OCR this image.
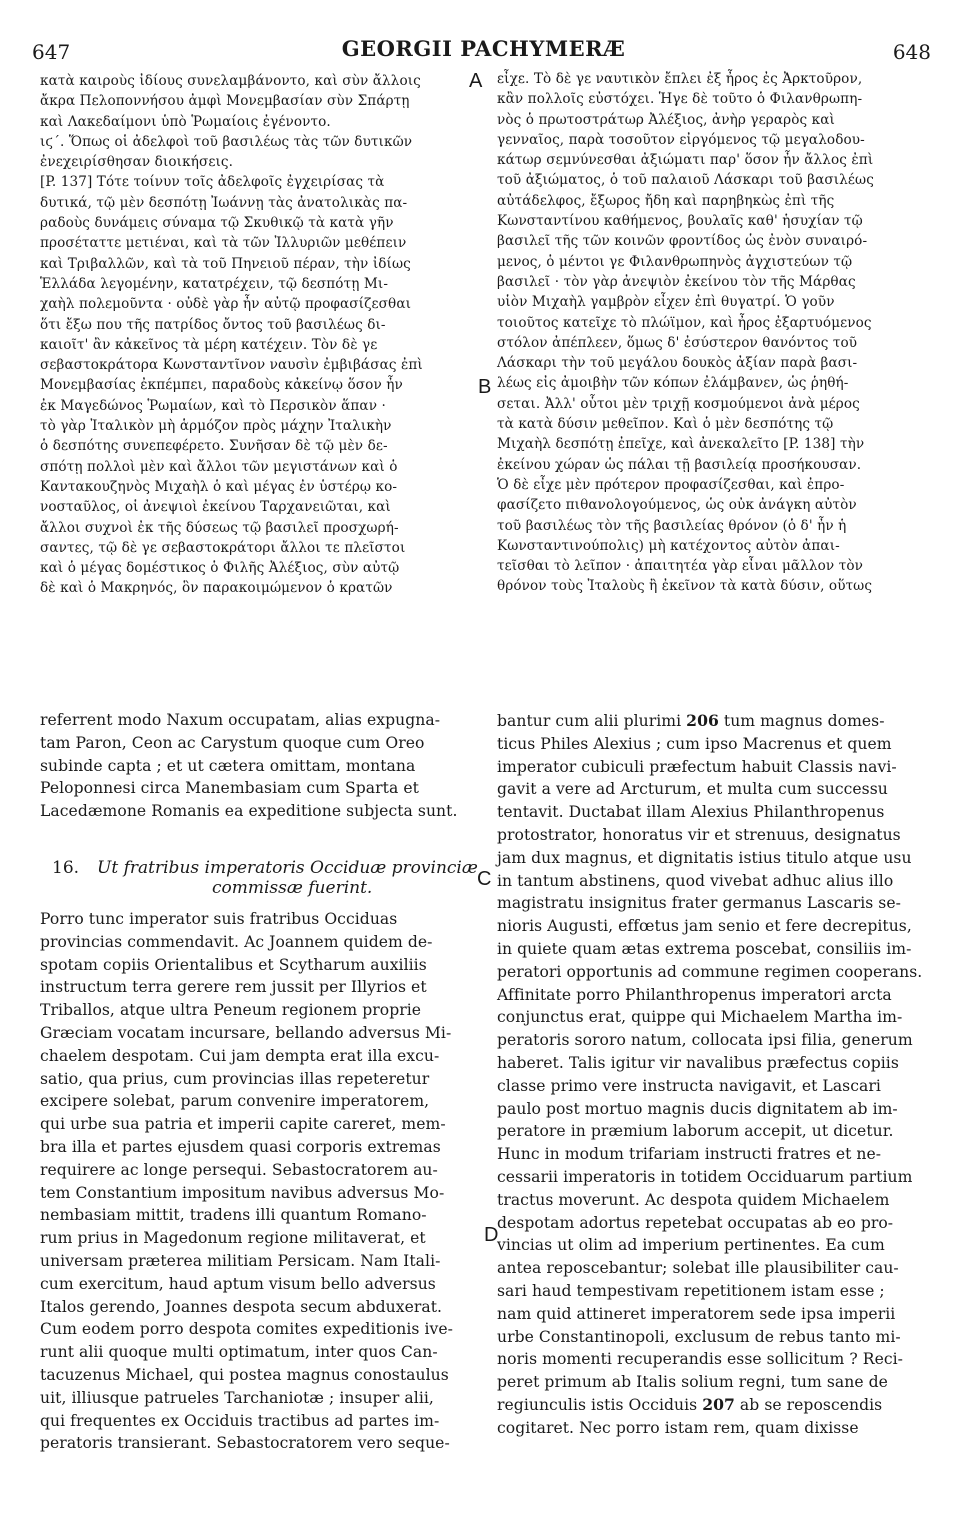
647	GEORGII PACHYMERÆ	648
κατὰ καιροὺς ἰδίους συνελαμβάνοντο, καὶ σὺν ἄλλοις
ἄκρα Πελοποννήσου ἀμφὶ Μονεμβασίαν σὺν Σπάρτῃ
καὶ Λακεδαίμονι ὑπὸ Ῥωμαίοις ἐγένοντο.
ιϛ΄. Ὅπως οἱ ἀδελφοὶ τοῦ βασιλέως τὰς τῶν δυτικῶν
ἐνεχειρίσθησαν διοικήσεις.
[P. 137] Τότε τοίνυν τοῖς ἀδελφοῖς ἐγχειρίσας τὰ
δυτικά, τῷ μὲν δεσπότῃ Ἰωάννῃ τὰς ἀνατολικὰς πα-
ραδοὺς δυνάμεις σύναμα τῷ Σκυθικῷ τὰ κατὰ γῆν
προσέταττε μετιέναι, καὶ τὰ τῶν Ἰλλυριῶν μεθέπειν
καὶ Τριβαλλῶν, καὶ τὰ τοῦ Πηνειοῦ πέραν, τὴν ἰδίως
Ἑλλάδα λεγομένην, κατατρέχειν, τῷ δεσπότῃ Μι-
χαὴλ πολεμοῦντα · οὐδὲ γὰρ ἦν αὐτῷ προφασίζεσθαι
ὅτι ἔξω που τῆς πατρίδος ὄντος τοῦ βασιλέως δι-
καιοῖτ' ἂν κἀκεῖνος τὰ μέρη κατέχειν. Τὸν δὲ γε
σεβαστοκράτορα Κωνσταντῖνον ναυσὶν ἐμβιβάσας ἐπὶ
Μονεμβασίας ἐκπέμπει, παραδοὺς κἀκείνῳ ὅσον ἦν
ἐκ Μαγεδώνος Ῥωμαίων, καὶ τὸ Περσικὸν ἅπαν ·
τὸ γὰρ Ἰταλικὸν μὴ ἁρμόζον πρὸς μάχην Ἰταλικὴν
ὁ δεσπότης συνεπεφέρετο. Συνῆσαν δὲ τῷ μὲν δε-
σπότῃ πολλοὶ μὲν καὶ ἄλλοι τῶν μεγιστάνων καὶ ὁ
Καντακουζηνὸς Μιχαὴλ ὁ καὶ μέγας ἐν ὑστέρῳ κο-
νοσταῦλος, οἱ ἀνεψιοὶ ἐκείνου Ταρχανειῶται, καὶ
ἄλλοι συχνοὶ ἐκ τῆς δύσεως τῷ βασιλεῖ προσχωρή-
σαντες, τῷ δὲ γε σεβαστοκράτορι ἄλλοι τε πλεῖστοι
καὶ ὁ μέγας δομέστικος ὁ Φιλῆς Ἀλέξιος, σὺν αὐτῷ
δὲ καὶ ὁ Μακρηνός, ὃν παρακοιμώμενον ὁ κρατῶν
εἶχε. Τὸ δὲ γε ναυτικὸν ἔπλει ἐξ ἦρος ἐς Ἀρκτοῦρον,
κἂν πολλοῖς εὐστόχει. Ἡγε δὲ τοῦτο ὁ Φιλανθρωπη-
νὸς ὁ πρωτοστράτωρ Ἀλέξιος, ἀνὴρ γεραρὸς καὶ
γενναῖος, παρὰ τοσοῦτον εἰργόμενος τῷ μεγαλοδου-
κάτωρ σεμνύνεσθαι ἀξιώματι παρ' ὅσον ἦν ἄλλος ἐπὶ
τοῦ ἀξιώματος, ὁ τοῦ παλαιοῦ Λάσκαρι τοῦ βασιλέως
αὐτάδελφος, ἔξωρος ἤδη καὶ παρηβηκὼς ἐπὶ τῆς
Κωνσταντίνου καθήμενος, βουλαῖς καθ' ἡσυχίαν τῷ
βασιλεῖ τῆς τῶν κοινῶν φροντίδος ὡς ἐνὸν συναιρό-
μενος, ὁ μέντοι γε Φιλανθρωπηνὸς ἀγχιστεύων τῷ
βασιλεῖ · τὸν γὰρ ἀνεψιὸν ἐκείνου τὸν τῆς Μάρθας
υἱὸν Μιχαὴλ γαμβρὸν εἶχεν ἐπὶ θυγατρί. Ὁ γοῦν
τοιοῦτος κατεῖχε τὸ πλώϊμον, καὶ ἦρος ἐξαρτυόμενος
στόλον ἀπέπλεεν, ὅμως δ' ἐσύστερον θανόντος τοῦ
Λάσκαρι τὴν τοῦ μεγάλου δουκὸς ἀξίαν παρὰ βασι-
λέως εἰς ἀμοιβὴν τῶν κόπων ἐλάμβανεν, ὡς ῥηθή-
σεται. Ἀλλ' οὗτοι μὲν τριχῇ κοσμούμενοι ἀνὰ μέρος
τὰ κατὰ δύσιν μεθεῖπον. Καὶ ὁ μὲν δεσπότης τῷ
Μιχαὴλ δεσπότῃ ἐπεῖχε, καὶ ἀνεκαλεῖτο [P. 138] τὴν
ἐκείνου χώραν ὡς πάλαι τῇ βασιλείᾳ προσήκουσαν.
Ὁ δὲ εἶχε μὲν πρότερον προφασίζεσθαι, καὶ ἐπρο-
φασίζετο πιθανολογούμενος, ὡς οὐκ ἀνάγκη αὐτὸν
τοῦ βασιλέως τὸν τῆς βασιλείας θρόνον (ὁ δ' ἦν ἡ
Κωνσταντινούπολις) μὴ κατέχοντος αὐτὸν ἀπαι-
τεῖσθαι τὸ λεῖπον · ἀπαιτητέα γὰρ εἶναι μᾶλλον τὸν
θρόνον τοὺς Ἰταλοὺς ἢ ἐκεῖνον τὰ κατὰ δύσιν, οὕτως
referrent modo Naxum occupatam, alias expugna-
tam Paron, Ceon ac Carystum quoque cum Oreo
subinde capta ; et ut cætera omittam, montana
Peloponnesi circa Manembasiam cum Sparta et
Lacedæmone Romanis ea expeditione subjecta sunt.
16. Ut fratribus imperatoris Occiduæ provinciæ
commissæ fuerint.
Porro tunc imperator suis fratribus Occiduas
provincias commendavit. Ac Joannem quidem de-
spotam copiis Orientalibus et Scytharum auxiliis
instructum terra gerere rem jussit per Illyrios et
Triballos, atque ultra Peneum regionem proprie
Græciam vocatam incursare, bellando adversus Mi-
chaelem despotam. Cui jam dempta erat illa excu-
satio, qua prius, cum provincias illas repeteretur
excipere solebat, parum convenire imperatorem,
qui urbe sua patria et imperii capite careret, mem-
bra illa et partes ejusdem quasi corporis extremas
requirere ac longe persequi. Sebastocratorem au-
tem Constantium impositum navibus adversus Mo-
nembasiam mittit, tradens illi quantum Romano-
rum prius in Magedonum regione militaverat, et
universam præterea militiam Persicam. Nam Itali-
cum exercitum, haud aptum visum bello adversus
Italos gerendo, Joannes despota secum abduxerat.
Cum eodem porro despota comites expeditionis ive-
runt alii quoque multi optimatum, inter quos Can-
tacuzenus Michael, qui postea magnus conostaulus
uit, illiusque patrueles Tarchaniotæ ; insuper alii,
qui frequentes ex Occiduis tractibus ad partes im-
peratoris transierant. Sebastocratorem vero seque-
bantur cum alii plurimi 206 tum magnus domes-
ticus Philes Alexius ; cum ipso Macrenus et quem
imperator cubiculi præfectum habuit Classis navi-
gavit a vere ad Arcturum, et multa cum successu
tentavit. Ductabat illam Alexius Philanthropenus
protostrator, honoratus vir et strenuus, designatus
jam dux magnus, et dignitatis istius titulo atque usu
in tantum abstinens, quod vivebat adhuc alius illo
magistratu insignitus frater germanus Lascaris se-
nioris Augusti, effœtus jam senio et fere decrepitus,
in quiete quam ætas extrema poscebat, consiliis im-
peratori opportunis ad commune regimen cooperans.
Affinitate porro Philanthropenus imperatori arcta
conjunctus erat, quippe qui Michaelem Martha im-
peratoris sororo natum, collocata ipsi filia, generum
haberet. Talis igitur vir navalibus præfectus copiis
classe primo vere instructa navigavit, et Lascari
paulo post mortuo magnis ducis dignitatem ab im-
peratore in præmium laborum accepit, ut dicetur.
Hunc in modum trifariam instructi fratres et ne-
cessarii imperatoris in totidem Occiduarum partium
tractus moverunt. Ac despota quidem Michaelem
despotam adortus repetebat occupatas ab eo pro-
vincias ut olim ad imperium pertinentes. Ea cum
antea reposcebantur; solebat ille plausibiliter cau-
sari haud tempestivam repetitionem istam esse ;
nam quid attineret imperatorem sede ipsa imperii
urbe Constantinopoli, exclusum de rebus tanto mi-
noris momenti recuperandis esse sollicitum ? Reci-
peret primum ab Italis solium regni, tum sane de
regiunculis istis Occiduis 207 ab se reposcendis
cogitaret. Nec porro istam rem, quam dixisse
A
B
C
D
